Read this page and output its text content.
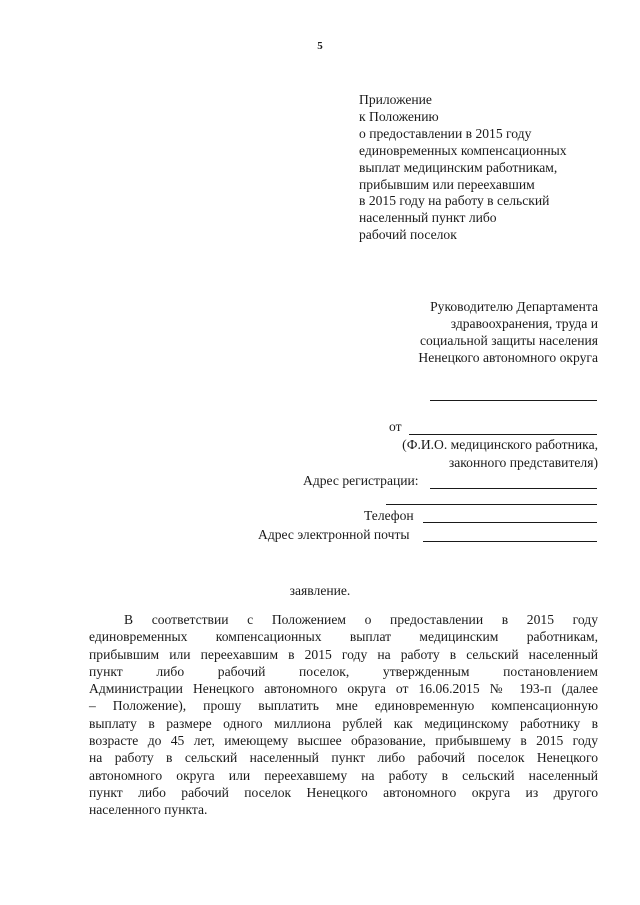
5
Приложение
к Положению
о предоставлении в 2015 году
единовременных компенсационных
выплат медицинским работникам,
прибывшим или переехавшим
в 2015 году на работу в сельский
населенный пункт либо
рабочий поселок
Руководителю Департамента
здравоохранения, труда и
социальной защиты населения
Ненецкого автономного округа
от
(Ф.И.О. медицинского работника,
законного представителя)
Адрес регистрации:
Телефон
Адрес электронной почты
заявление.
В соответствии с Положением о предоставлении в 2015 году
единовременных компенсационных выплат медицинским работникам,
прибывшим или переехавшим в 2015 году на работу в сельский населенный
пункт либо рабочий поселок, утвержденным постановлением
Администрации Ненецкого автономного округа от 16.06.2015 № 193-п (далее
– Положение), прошу выплатить мне единовременную компенсационную
выплату в размере одного миллиона рублей как медицинскому работнику в
возрасте до 45 лет, имеющему высшее образование, прибывшему в 2015 году
на работу в сельский населенный пункт либо рабочий поселок Ненецкого
автономного округа или переехавшему на работу в сельский населенный
пункт либо рабочий поселок Ненецкого автономного округа из другого
населенного пункта.
